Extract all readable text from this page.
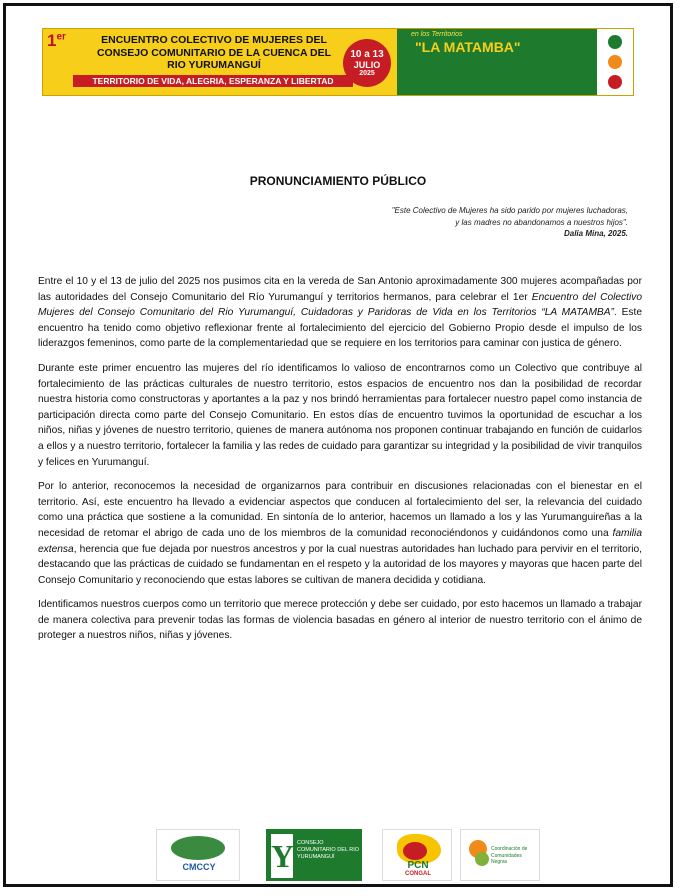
1er	ENCUENTRO COLECTIVO DE MUJERES DEL CONSEJO COMUNITARIO DE LA CUENCA DEL RIO YURUMANGUÍ
TERRITORIO DE VIDA, ALEGRIA, ESPERANZA Y LIBERTAD
10 a 13
JULIO
2025
en los Territorios
"LA MATAMBA"
PRONUNCIAMIENTO PÚBLICO
"Este Colectivo de Mujeres ha sido parido por mujeres luchadoras, y las madres no abandonamos a nuestros hijos".
Dalia Mina, 2025.

Entre el 10 y el 13 de julio del 2025 nos pusimos cita en la vereda de San Antonio aproximadamente 300 mujeres acompañadas por las autoridades del Consejo Comunitario del Río Yurumanguí y territorios hermanos, para celebrar el 1er Encuentro del Colectivo Mujeres del Consejo Comunitario del Rio Yurumanguí, Cuidadoras y Paridoras de Vida en los Territorios “LA MATAMBA”. Este encuentro ha tenido como objetivo reflexionar frente al fortalecimiento del ejercicio del Gobierno Propio desde el impulso de los liderazgos femeninos, como parte de la complementariedad que se requiere en los territorios para caminar con justica de género.

Durante este primer encuentro las mujeres del río identificamos lo valioso de encontrarnos como un Colectivo que contribuye al fortalecimiento de las prácticas culturales de nuestro territorio, estos espacios de encuentro nos dan la posibilidad de recordar nuestra historia como constructoras y aportantes a la paz y nos brindó herramientas para fortalecer nuestro papel como instancia de participación directa como parte del Consejo Comunitario. En estos días de encuentro tuvimos la oportunidad de escuchar a los niños, niñas y jóvenes de nuestro territorio, quienes de manera autónoma nos proponen continuar trabajando en función de cuidarlos a ellos y a nuestro territorio, fortalecer la familia y las redes de cuidado para garantizar su integridad y la posibilidad de vivir tranquilos y felices en Yurumanguí.

Por lo anterior, reconocemos la necesidad de organizarnos para contribuir en discusiones relacionadas con el bienestar en el territorio. Así, este encuentro ha llevado a evidenciar aspectos que conducen al fortalecimiento del ser, la relevancia del cuidado como una práctica que sostiene a la comunidad. En sintonía de lo anterior, hacemos un llamado a los y las Yurumanguireñas a la necesidad de retomar el abrigo de cada uno de los miembros de la comunidad reconociéndonos y cuidándonos como una familia extensa, herencia que fue dejada por nuestros ancestros y por la cual nuestras autoridades han luchado para pervivir en el territorio, destacando que las prácticas de cuidado se fundamentan en el respeto y la autoridad de los mayores y mayoras que hacen parte del Consejo Comunitario y reconociendo que estas labores se cultivan de manera decidida y cotidiana.

Identificamos nuestros cuerpos como un territorio que merece protección y debe ser cuidado, por esto hacemos un llamado a trabajar de manera colectiva para prevenir todas las formas de violencia basadas en género al interior de nuestro territorio con el ánimo de proteger a nuestros niños, niñas y jóvenes.

CMCCY	Y CONSEJO COMUNITARIO DEL RIO YURUMANGUÍ
PCN
CONGAL
Coordinación de Comunidades Negras
